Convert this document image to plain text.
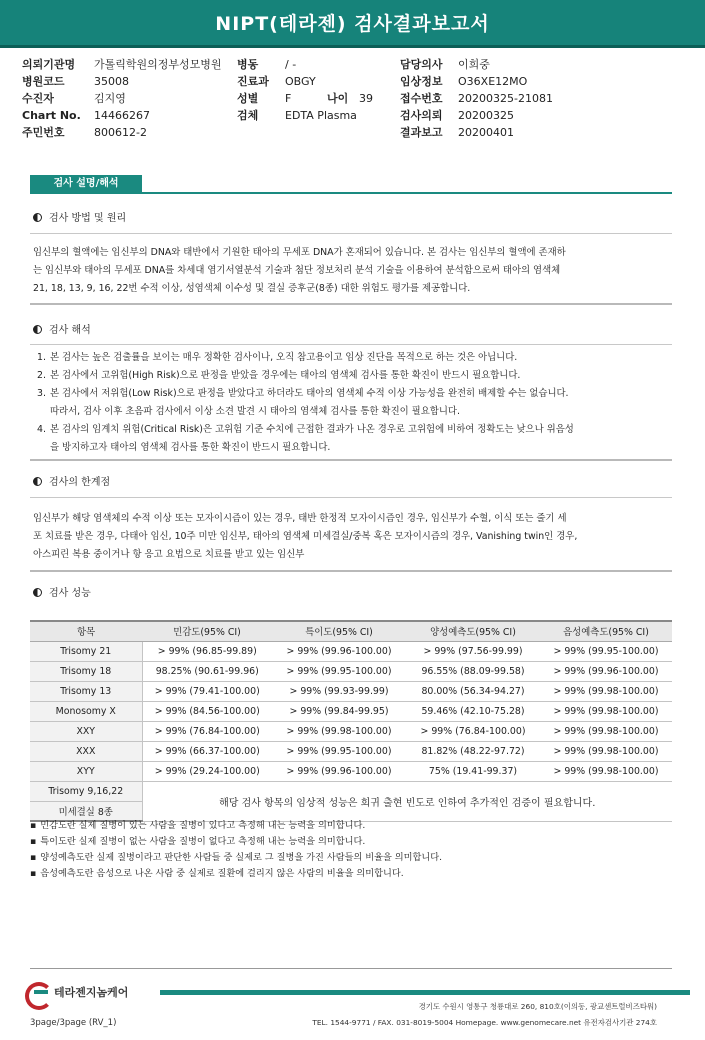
NIPT(테라젠) 검사결과보고서
의뢰기관명 가톨릭학원의정부성모병원
병원코드	35008
수진자	김지영
Chart No. 14466267
주민번호	800612-2
병동 / -
진료과 OBGY
성별 F	나이 39
검체 EDTA Plasma
담당의사 이희중
임상정보 O36XE12MO
접수번호 20200325-21081
검사의뢰 20200325
결과보고 20200401
검사 설명/해석
검사 방법 및 원리
임신부의 혈액에는 임신부의 DNA와 태반에서 기원한 태아의 무세포 DNA가 혼재되어 있습니다. 본 검사는 임신부의 혈액에 존재하
는 임신부와 태아의 무세포 DNA를 차세대 염기서열분석 기술과 첨단 정보처리 분석 기술을 이용하여 분석함으로써 태아의 염색체
21, 18, 13, 9, 16, 22번 수적 이상, 성염색체 이수성 및 결실 증후군(8종) 대한 위험도 평가를 제공합니다.
검사 해석
1. 본 검사는 높은 검출률을 보이는 매우 정확한 검사이나, 오직 참고용이고 임상 진단을 목적으로 하는 것은 아닙니다.
2. 본 검사에서 고위험(High Risk)으로 판정을 받았을 경우에는 태아의 염색체 검사를 통한 확진이 반드시 필요합니다.
3. 본 검사에서 저위험(Low Risk)으로 판정을 받았다고 하더라도 태아의 염색체 수적 이상 가능성을 완전히 배제할 수는 없습니다.
따라서, 검사 이후 초음파 검사에서 이상 소견 발견 시 태아의 염색체 검사를 통한 확진이 필요합니다.
4. 본 검사의 임계치 위험(Critical Risk)은 고위험 기준 수치에 근접한 결과가 나온 경우로 고위험에 비하여 정확도는 낮으나 위음성
을 방지하고자 태아의 염색체 검사를 통한 확진이 반드시 필요합니다.
검사의 한계점
임신부가 해당 염색체의 수적 이상 또는 모자이시즘이 있는 경우, 태반 한정적 모자이시즘인 경우, 임신부가 수혈, 이식 또는 줄기 세
포 치료를 받은 경우, 다태아 임신, 10주 미만 임신부, 태아의 염색체 미세결실/중복 혹은 모자이시즘의 경우, Vanishing twin인 경우,
아스피린 복용 중이거나 항 응고 요법으로 치료를 받고 있는 임신부
검사 성능
항목	민감도(95% CI)	특이도(95% CI)	양성예측도(95% CI)	음성예측도(95% CI)
Trisomy 21	> 99% (96.85-99.89)	> 99% (99.96-100.00)	> 99% (97.56-99.99)	> 99% (99.95-100.00)
Trisomy 18	98.25% (90.61-99.96)	> 99% (99.95-100.00)	96.55% (88.09-99.58)	> 99% (99.96-100.00)
Trisomy 13	> 99% (79.41-100.00)	> 99% (99.93-99.99)	80.00% (56.34-94.27)	> 99% (99.98-100.00)
Monosomy X	> 99% (84.56-100.00)	> 99% (99.84-99.95)	59.46% (42.10-75.28)	> 99% (99.98-100.00)
XXY	> 99% (76.84-100.00)	> 99% (99.98-100.00)	> 99% (76.84-100.00)	> 99% (99.98-100.00)
XXX	> 99% (66.37-100.00)	> 99% (99.95-100.00)	81.82% (48.22-97.72)	> 99% (99.98-100.00)
XYY	> 99% (29.24-100.00)	> 99% (99.96-100.00)	75% (19.41-99.37)	> 99% (99.98-100.00)
Trisomy 9,16,22	해당 검사 항목의 임상적 성능은 희귀 출현 빈도로 인하여 추가적인 검증이 필요합니다.			
미세결실 8종				
▪ 민감도란 실제 질병이 있는 사람을 질병이 있다고 측정해 내는 능력을 의미합니다.
▪ 특이도란 실제 질병이 없는 사람을 질병이 없다고 측정해 내는 능력을 의미합니다.
▪ 양성예측도란 실제 질병이라고 판단한 사람들 중 실제로 그 질병을 가진 사람들의 비율을 의미합니다.
▪ 음성예측도란 음성으로 나온 사람 중 실제로 질환에 걸리지 않은 사람의 비율을 의미합니다.
테라젠지놈케어
경기도 수원시 영통구 청룡대로 260, 810호(이의동, 광교센트럴비즈타워)
TEL. 1544-9771 / FAX. 031-8019-5004 Homepage. www.genomecare.net 유전자검사기관 274호
3page/3page (RV_1)
